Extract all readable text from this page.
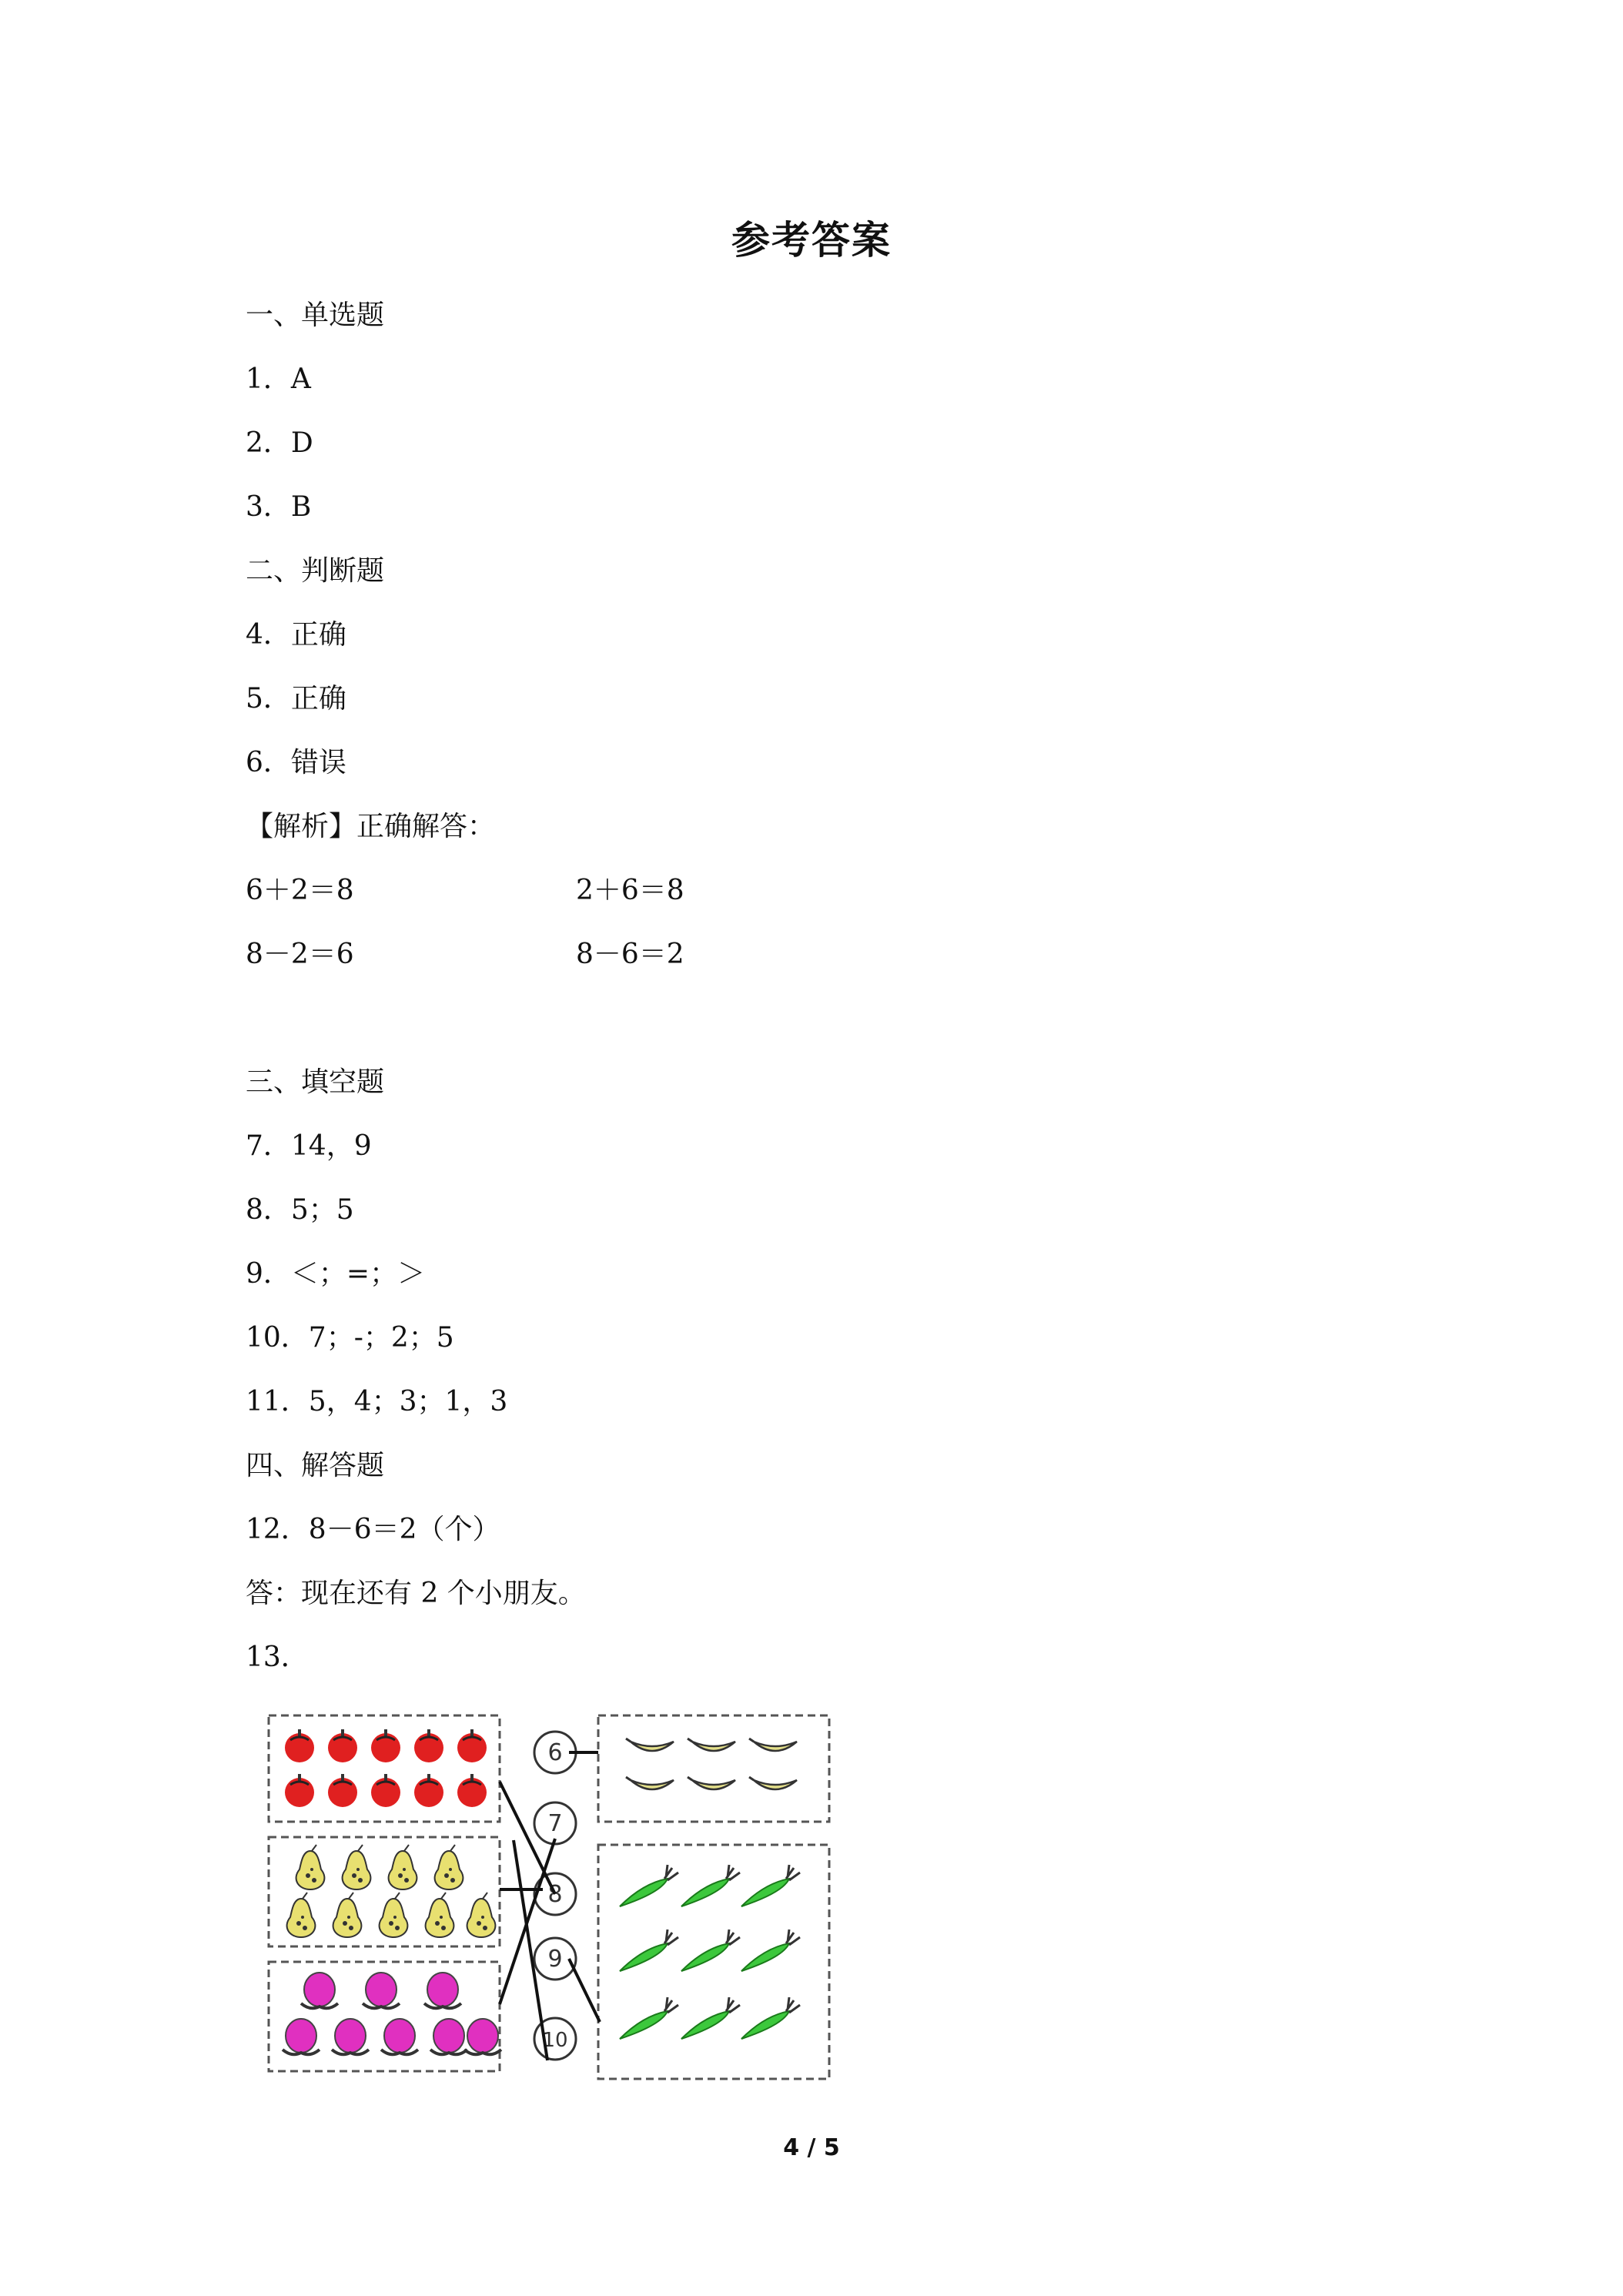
参考答案
一、单选题
1．A
2．D
3．B
二、判断题
4．正确
5．正确
6．错误
【解析】正确解答：
6＋2＝8	2＋6＝8
8－2＝6	8－6＝2
三、填空题
7．14，9
8．5；5
9．＜；=；＞
10．7；-；2；5
11．5，4；3；1，3
四、解答题
12．8－6＝2（个）
答：现在还有 2 个小朋友。
13．
6
7
8
9
10
4 / 5
